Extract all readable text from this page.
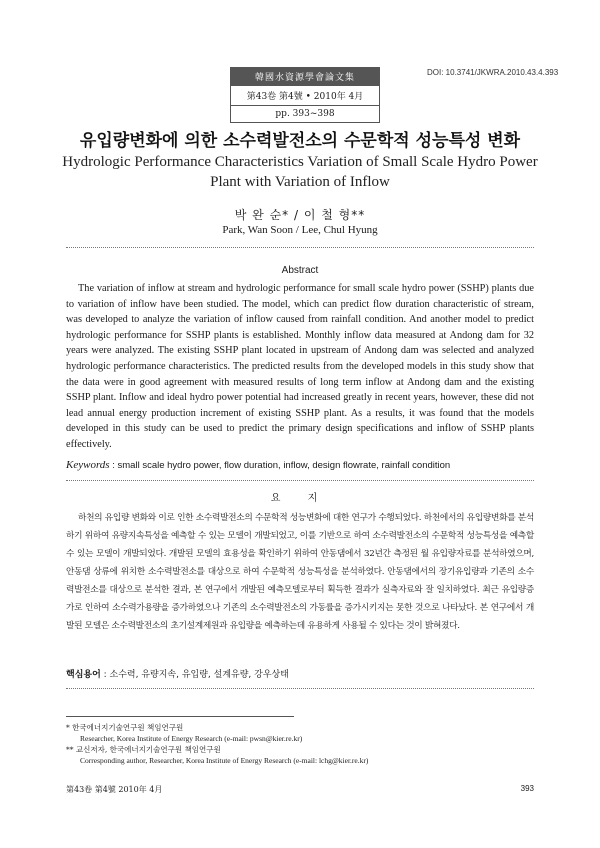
韓國水資源學會論文集
第43卷 第4號 • 2010年 4月
pp. 393~398
DOI: 10.3741/JKWRA.2010.43.4.393
유입량변화에 의한 소수력발전소의 수문학적 성능특성 변화
Hydrologic Performance Characteristics Variation of Small Scale Hydro Power Plant with Variation of Inflow
박 완 순* / 이 철 형**
Park, Wan Soon / Lee, Chul Hyung
Abstract

The variation of inflow at stream and hydrologic performance for small scale hydro power (SSHP) plants due to variation of inflow have been studied. The model, which can predict flow duration characteristic of stream, was developed to analyze the variation of inflow caused from rainfall condition. And another model to predict hydrologic performance for SSHP plants is established. Monthly inflow data measured at Andong dam for 32 years were analyzed. The existing SSHP plant located in upstream of Andong dam was selected and analyzed hydrologic performance characteristics. The predicted results from the developed models in this study show that the data were in good agreement with measured results of long term inflow at Andong dam and the existing SSHP plant. Inflow and ideal hydro power potential had increased greatly in recent years, however, these did not lead annual energy production increment of existing SSHP plant. As a results, it was found that the models developed in this study can be used to predict the primary design specifications and inflow of SSHP plants effectively.

Keywords : small scale hydro power, flow duration, inflow, design flowrate, rainfall condition
요 지

하천의 유입량 변화와 이로 인한 소수력발전소의 수문학적 성능변화에 대한 연구가 수행되었다. 하천에서의 유입량변화를 분석하기 위하여 유량지속특성을 예측할 수 있는 모델이 개발되었고, 이를 기반으로 하여 소수력발전소의 수문학적 성능특성을 예측할 수 있는 모델이 개발되었다. 개발된 모델의 효용성을 확인하기 위하여 안동댐에서 32년간 측정된 월 유입량자료를 분석하였으며, 안동댐 상류에 위치한 소수력발전소를 대상으로 하여 수문학적 성능특성을 분석하였다. 안동댐에서의 장기유입량과 기존의 소수력발전소를 대상으로 분석한 결과, 본 연구에서 개발된 예측모델로부터 획득한 결과가 실측자료와 잘 일치하였다. 최근 유입량증가로 인하여 소수력가용량을 증가하였으나 기존의 소수력발전소의 가동률을 증가시키지는 못한 것으로 나타났다. 본 연구에서 개발된 모델은 소수력발전소의 초기설계제원과 유입량을 예측하는데 유용하게 사용될 수 있다는 것이 밝혀졌다.

핵심용어 : 소수력, 유량지속, 유입량, 설계유량, 강우상태
* 한국에너지기술연구원 책임연구원
Researcher, Korea Institute of Energy Research (e-mail: pwsn@kier.re.kr)
** 교신저자, 한국에너지기술연구원 책임연구원
Corresponding author, Researcher, Korea Institute of Energy Research (e-mail: lchg@kier.re.kr)
第43卷 第4號 2010年 4月	393
